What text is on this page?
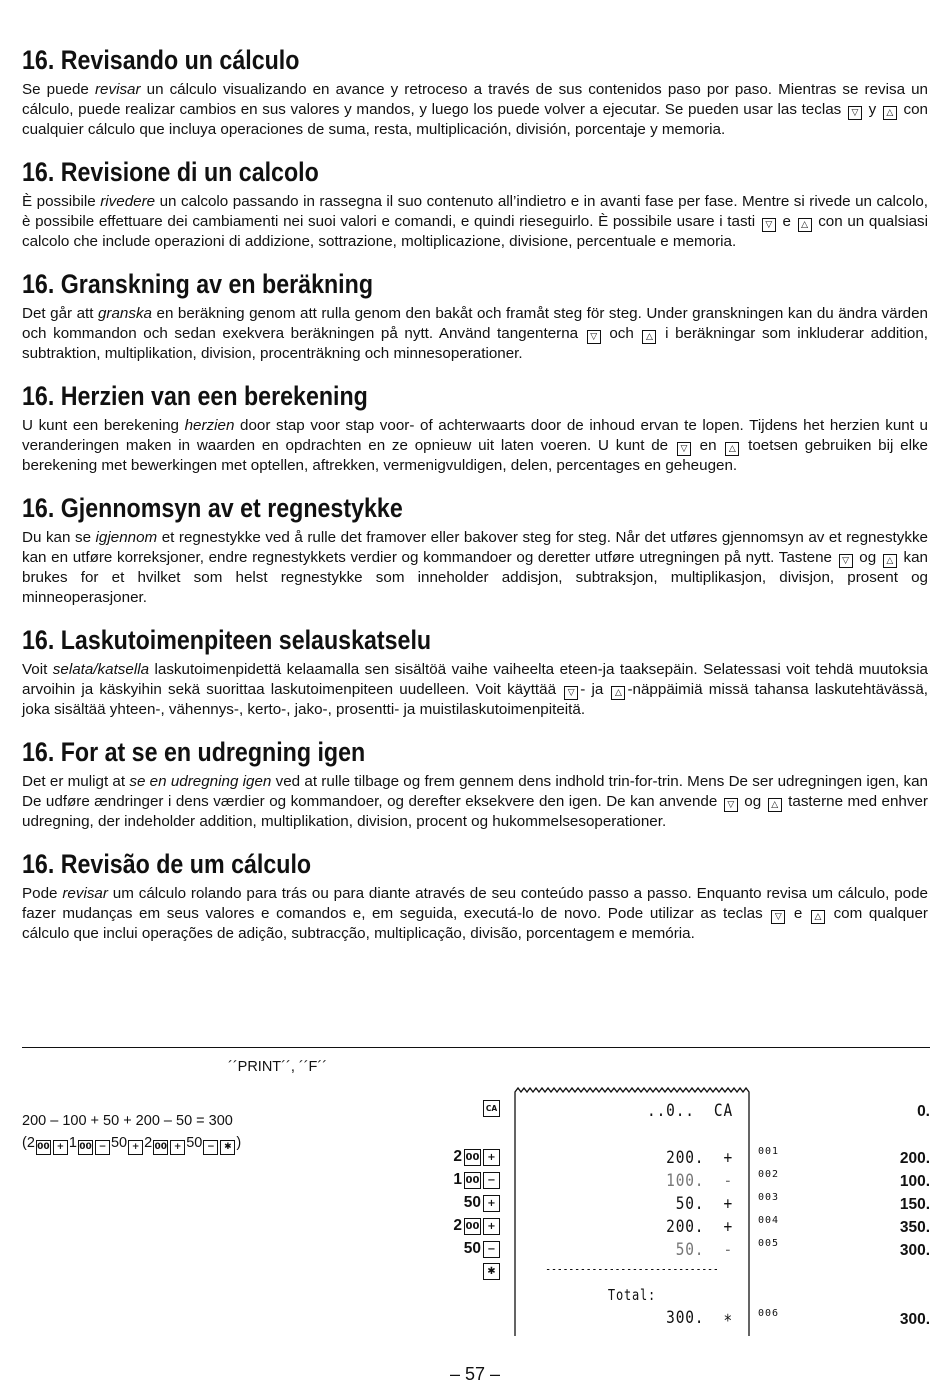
16. Revisando un cálculo

Se puede revisar un cálculo visualizando en avance y retroceso a través de sus contenidos paso por paso. Mientras se revisa un cálculo, puede realizar cambios en sus valores y mandos, y luego los puede volver a ejecutar. Se pueden usar las teclas ▽ y △ con cualquier cálculo que incluya operaciones de suma, resta, multiplicación, división, porcentaje y memoria.

16. Revisione di un calcolo

È possibile rivedere un calcolo passando in rassegna il suo contenuto all’indietro e in avanti fase per fase. Mentre si rivede un calcolo, è possibile effettuare dei cambiamenti nei suoi valori e comandi, e quindi rieseguirlo. È possibile usare i tasti ▽ e △ con un qualsiasi calcolo che include operazioni di addizione, sottrazione, moltiplicazione, divisione, percentuale e memoria.

16. Granskning av en beräkning

Det går att granska en beräkning genom att rulla genom den bakåt och framåt steg för steg. Under granskningen kan du ändra värden och kommandon och sedan exekvera beräkningen på nytt. Använd tangenterna ▽ och △ i beräkningar som inkluderar addition, subtraktion, multiplikation, division, procenträkning och minnesoperationer.

16. Herzien van een berekening

U kunt een berekening herzien door stap voor stap voor- of achterwaarts door de inhoud ervan te lopen. Tijdens het herzien kunt u veranderingen maken in waarden en opdrachten en ze opnieuw uit laten voeren. U kunt de ▽ en △ toetsen gebruiken bij elke berekening met bewerkingen met optellen, aftrekken, vermenigvuldigen, delen, percentages en geheugen.

16. Gjennomsyn av et regnestykke

Du kan se igjennom et regnestykke ved å rulle det framover eller bakover steg for steg. Når det utføres gjennomsyn av et regnestykke kan en utføre korreksjoner, endre regnestykkets verdier og kommandoer og deretter utføre utregningen på nytt. Tastene ▽ og △ kan brukes for et hvilket som helst regnestykke som inneholder addisjon, subtraksjon, multiplikasjon, divisjon, prosent og minneoperasjoner.

16. Laskutoimenpiteen selauskatselu

Voit selata/katsella laskutoimenpidettä kelaamalla sen sisältöä vaihe vaiheelta eteen-ja taaksepäin. Selatessasi voit tehdä muutoksia arvoihin ja käskyihin sekä suorittaa laskutoimenpiteen uudelleen. Voit käyttää ▽ - ja △ -näppäimiä missä tahansa laskutehtävässä, joka sisältää yhteen-, vähennys-, kerto-, jako-, prosentti- ja muistilaskutoimenpiteitä.

16. For at se en udregning igen

Det er muligt at se en udregning igen ved at rulle tilbage og frem gennem dens indhold trin-for-trin. Mens De ser udregningen igen, kan De udføre ændringer i dens værdier og kommandoer, og derefter eksekvere den igen. De kan anvende ▽ og △ tasterne med enhver udregning, der indeholder addition, multiplikation, division, procent og hukommelsesoperationer.

16. Revisão de um cálculo

Pode revisar um cálculo rolando para trás ou para diante através de seu conteúdo passo a passo. Enquanto revisa um cálculo, pode fazer mudanças em seus valores e comandos e, em seguida, executá-lo de novo. Pode utilizar as teclas ▽ e △ com qualquer cálculo que inclui operações de adição, subtracção, multiplicação, divisão, porcentagem e memória.

´´PRINT´´, ´´F´´
200 – 100 + 50 + 200 – 50 = 300
(2 00 + 1 00 − 50 + 2 00 + 50 − ✱ )
CA
2 00 +
1 00 −
50 +
2 00 +
50 −
✱
..0..  CA
200.  +
100.  -
50.  +
200.  +
50.  -
------------------------------
Total:
300.  ∗
001
002
003
004
005
006
0.
200.
100.
150.
350.
300.
300.
– 57 –
